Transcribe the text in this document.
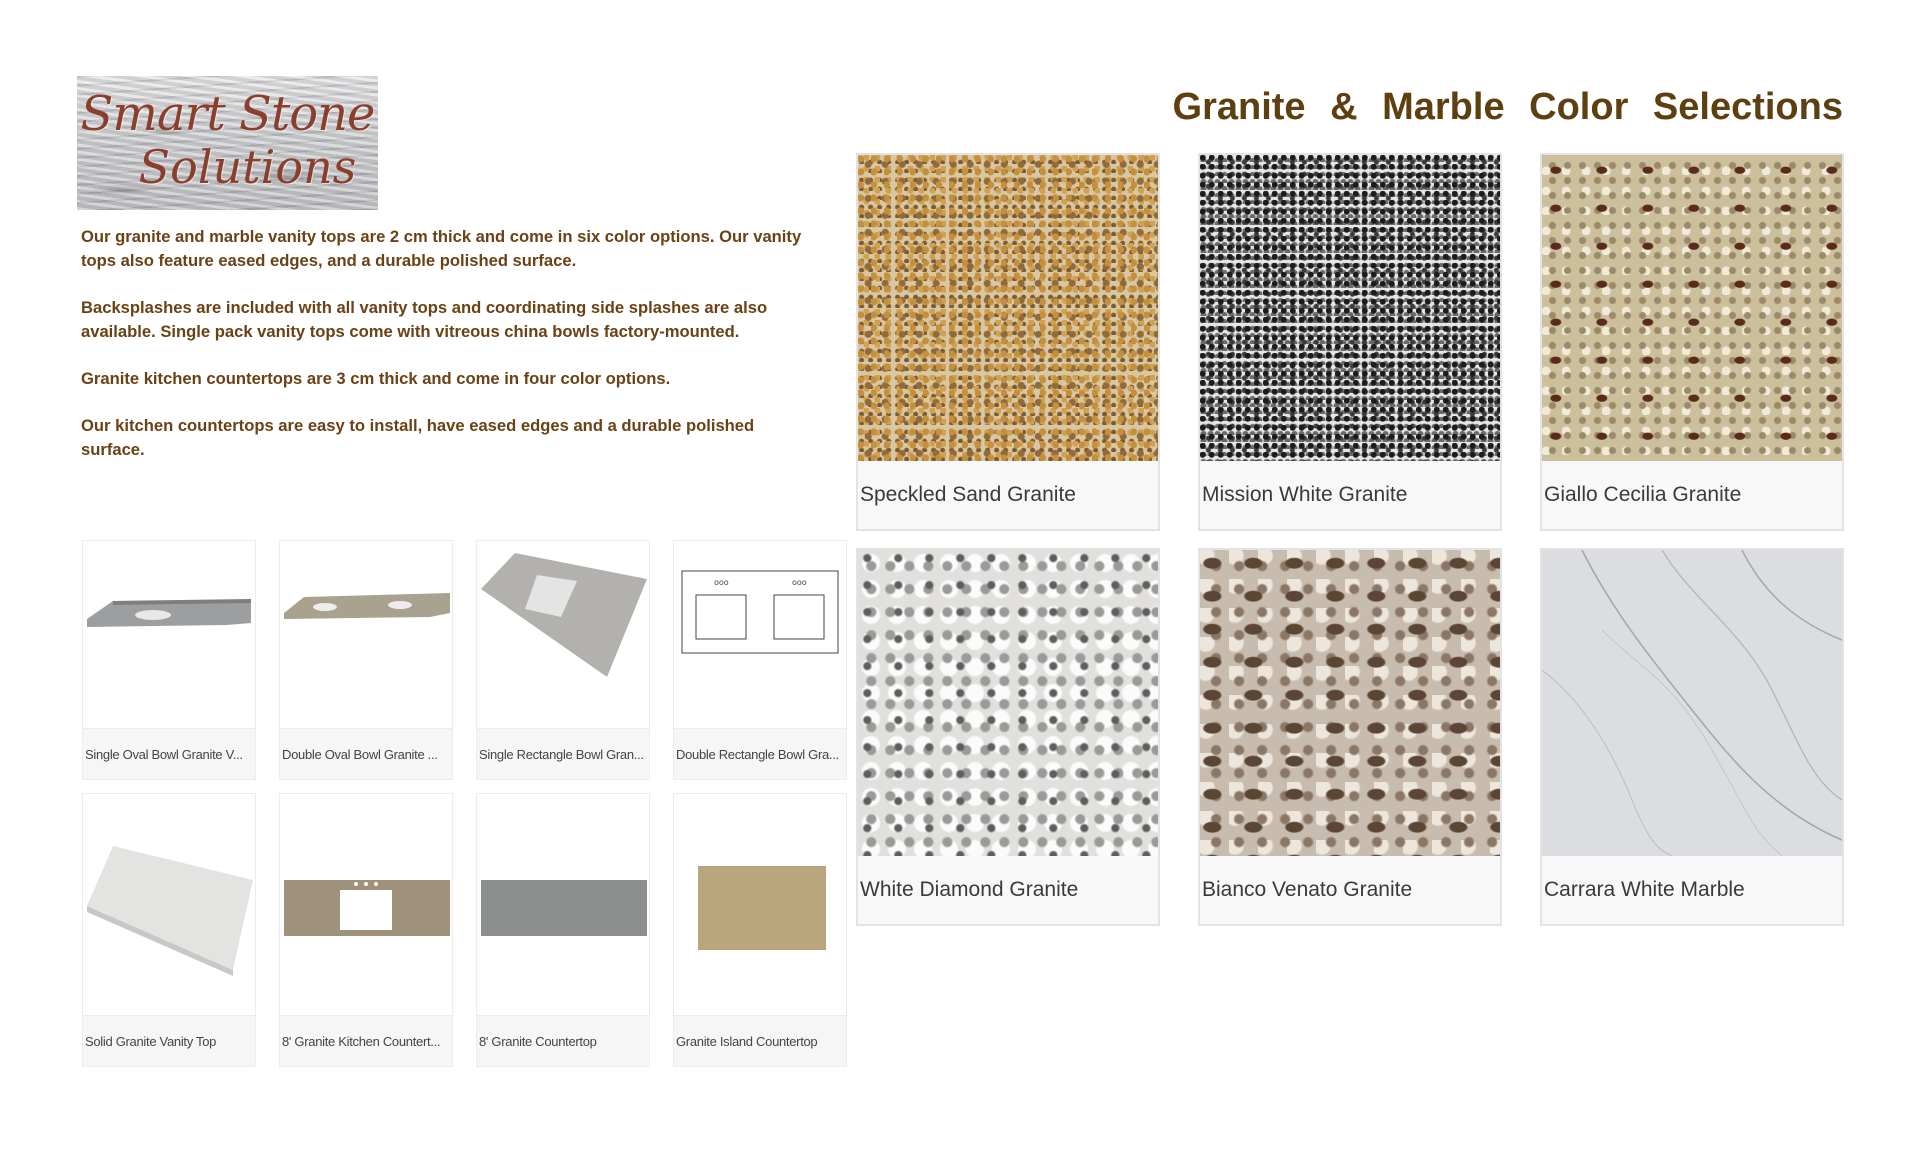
Smart Stone
Solutions

Our granite and marble vanity tops are 2 cm thick and come in six color options. Our vanity tops also feature eased edges, and a durable polished surface.

Backsplashes are included with all vanity tops and coordinating side splashes are also available. Single pack vanity tops come with vitreous china bowls factory-mounted.

Granite kitchen countertops are 3 cm thick and come in four color options.

Our kitchen countertops are easy to install, have eased edges and a durable polished surface.

Granite & Marble Color Selections
Speckled Sand Granite	Mission White Granite	Giallo Cecilia Granite
White Diamond Granite	Bianco Venato Granite	Carrara White Marble
Single Oval Bowl Granite V...	Double Oval Bowl Granite ...	Single Rectangle Bowl Gran...
ooo	ooo
Double Rectangle Bowl Gra...
Solid Granite Vanity Top	8' Granite Kitchen Countert...	8' Granite Countertop	Granite Island Countertop
